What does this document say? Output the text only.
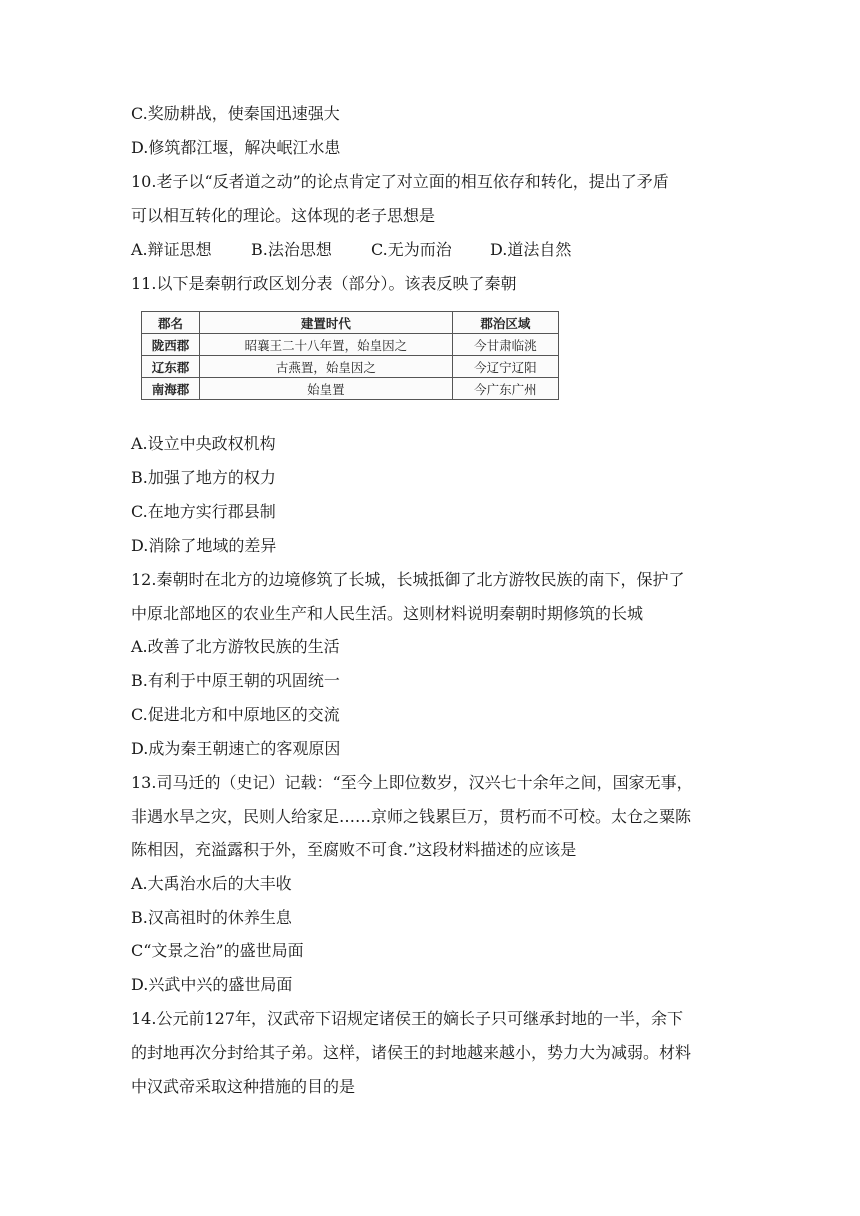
C.奖励耕战，使秦国迅速强大
D.修筑都江堰，解决岷江水患
10.老子以“反者道之动”的论点肯定了对立面的相互依存和转化，提出了矛盾
可以相互转化的理论。这体现的老子思想是
A.辩证思想	B.法治思想	C.无为而治	D.道法自然
11.以下是秦朝行政区划分表（部分）。该表反映了秦朝
郡名	建置时代	郡治区域
陇西郡	昭襄王二十八年置，始皇因之	今甘肃临洮
辽东郡	古燕置，始皇因之	今辽宁辽阳
南海郡	始皇置	今广东广州
A.设立中央政权机构
B.加强了地方的权力
C.在地方实行郡县制
D.消除了地域的差异
12.秦朝时在北方的边境修筑了长城，长城抵御了北方游牧民族的南下，保护了
中原北部地区的农业生产和人民生活。这则材料说明秦朝时期修筑的长城
A.改善了北方游牧民族的生活
B.有利于中原王朝的巩固统一
C.促进北方和中原地区的交流
D.成为秦王朝速亡的客观原因
13.司马迁的（史记）记载：“至今上即位数岁，汉兴七十余年之间，国家无事，
非遇水旱之灾，民则人给家足……京师之钱累巨万，贯朽而不可校。太仓之粟陈
陈相因，充溢露积于外，至腐败不可食.”这段材料描述的应该是
A.大禹治水后的大丰收
B.汉高祖时的休养生息
C“文景之治”的盛世局面
D.兴武中兴的盛世局面
14.公元前127年，汉武帝下诏规定诸侯王的嫡长子只可继承封地的一半，余下
的封地再次分封给其子弟。这样，诸侯王的封地越来越小，势力大为减弱。材料
中汉武帝采取这种措施的目的是
